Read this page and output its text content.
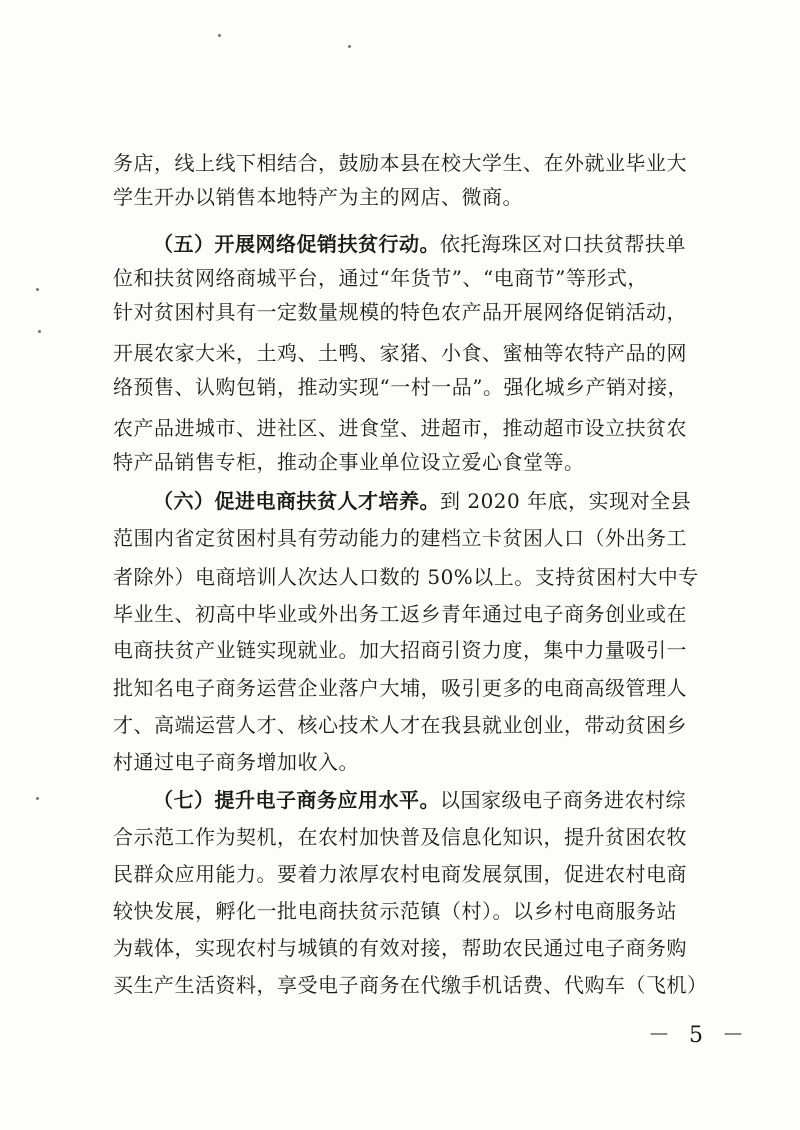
务店，线上线下相结合，鼓励本县在校大学生、在外就业毕业大
学生开办以销售本地特产为主的网店、微商。
（五）开展网络促销扶贫行动。依托海珠区对口扶贫帮扶单
位和扶贫网络商城平台，通过“年货节”、“电商节”等形式，
针对贫困村具有一定数量规模的特色农产品开展网络促销活动，
开展农家大米，土鸡、土鸭、家猪、小食、蜜柚等农特产品的网
络预售、认购包销，推动实现“一村一品”。强化城乡产销对接，
农产品进城市、进社区、进食堂、进超市，推动超市设立扶贫农
特产品销售专柜，推动企事业单位设立爱心食堂等。
（六）促进电商扶贫人才培养。到 2020 年底，实现对全县
范围内省定贫困村具有劳动能力的建档立卡贫困人口（外出务工
者除外）电商培训人次达人口数的 50%以上。支持贫困村大中专
毕业生、初高中毕业或外出务工返乡青年通过电子商务创业或在
电商扶贫产业链实现就业。加大招商引资力度，集中力量吸引一
批知名电子商务运营企业落户大埔，吸引更多的电商高级管理人
才、高端运营人才、核心技术人才在我县就业创业，带动贫困乡
村通过电子商务增加收入。
（七）提升电子商务应用水平。以国家级电子商务进农村综
合示范工作为契机，在农村加快普及信息化知识，提升贫困农牧
民群众应用能力。要着力浓厚农村电商发展氛围，促进农村电商
较快发展，孵化一批电商扶贫示范镇（村）。以乡村电商服务站
为载体，实现农村与城镇的有效对接，帮助农民通过电子商务购
买生产生活资料，享受电子商务在代缴手机话费、代购车（飞机）
－ 5 －
